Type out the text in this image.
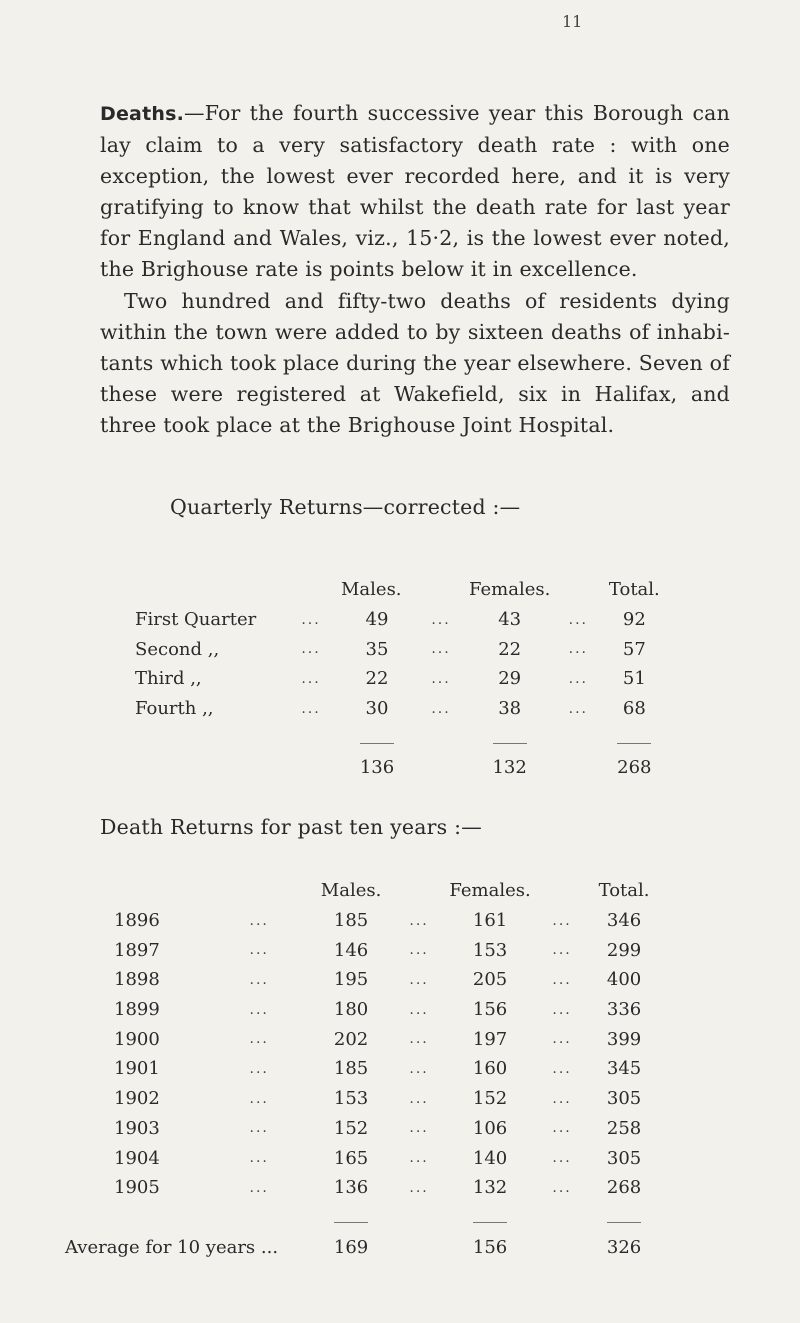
11
Deaths.—For the fourth successive year this Borough can lay claim to a very satisfactory death rate : with one exception, the lowest ever recorded here, and it is very gratifying to know that whilst the death rate for last year for England and Wales, viz., 15·2, is the lowest ever noted, the Brighouse rate is points below it in excellence.
Two hundred and fifty-two deaths of residents dying within the town were added to by sixteen deaths of inhabi- tants which took place during the year elsewhere. Seven of these were registered at Wakefield, six in Halifax, and three took place at the Brighouse Joint Hospital.
Quarterly Returns—corrected :—
		Males.		Females.		Total.
First Quarter	...	49	...	43	...	92
Second ,,	...	35	...	22	...	57
Third ,,	...	22	...	29	...	51
Fourth ,,	...	30	...	38	...	68

		136		132		268
Death Returns for past ten years :—
		Males.		Females.		Total.
1896	...	185	...	161	...	346
1897	...	146	...	153	...	299
1898	...	195	...	205	...	400
1899	...	180	...	156	...	336
1900	...	202	...	197	...	399
1901	...	185	...	160	...	345
1902	...	153	...	152	...	305
1903	...	152	...	106	...	258
1904	...	165	...	140	...	305
1905	...	136	...	132	...	268

Average for 10 years ...	169		156		326
